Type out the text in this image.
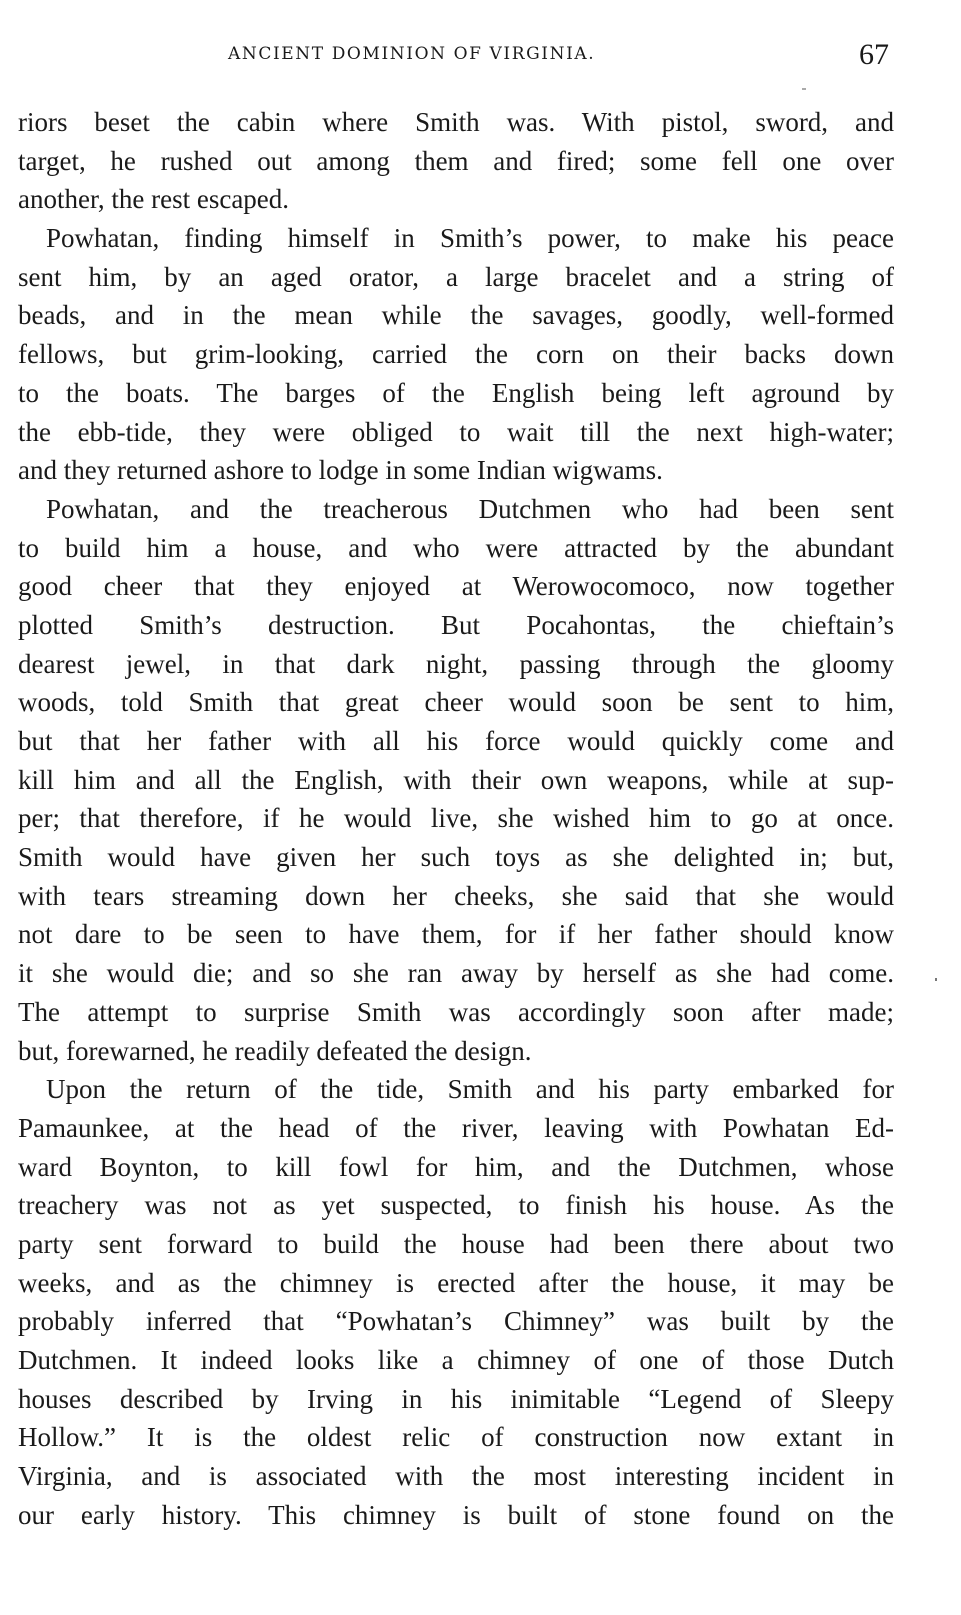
ANCIENT DOMINION OF VIRGINIA.	67
riors beset the cabin where Smith was. With pistol, sword, and
target, he rushed out among them and fired; some fell one over
another, the rest escaped.
Powhatan, finding himself in Smith’s power, to make his peace
sent him, by an aged orator, a large bracelet and a string of
beads, and in the mean while the savages, goodly, well-formed
fellows, but grim-looking, carried the corn on their backs down
to the boats. The barges of the English being left aground by
the ebb-tide, they were obliged to wait till the next high-water;
and they returned ashore to lodge in some Indian wigwams.
Powhatan, and the treacherous Dutchmen who had been sent
to build him a house, and who were attracted by the abundant
good cheer that they enjoyed at Werowocomoco, now together
plotted Smith’s destruction. But Pocahontas, the chieftain’s
dearest jewel, in that dark night, passing through the gloomy
woods, told Smith that great cheer would soon be sent to him,
but that her father with all his force would quickly come and
kill him and all the English, with their own weapons, while at sup-
per; that therefore, if he would live, she wished him to go at once.
Smith would have given her such toys as she delighted in; but,
with tears streaming down her cheeks, she said that she would
not dare to be seen to have them, for if her father should know
it she would die; and so she ran away by herself as she had come.
The attempt to surprise Smith was accordingly soon after made;
but, forewarned, he readily defeated the design.
Upon the return of the tide, Smith and his party embarked for
Pamaunkee, at the head of the river, leaving with Powhatan Ed-
ward Boynton, to kill fowl for him, and the Dutchmen, whose
treachery was not as yet suspected, to finish his house. As the
party sent forward to build the house had been there about two
weeks, and as the chimney is erected after the house, it may be
probably inferred that “Powhatan’s Chimney” was built by the
Dutchmen. It indeed looks like a chimney of one of those Dutch
houses described by Irving in his inimitable “Legend of Sleepy
Hollow.” It is the oldest relic of construction now extant in
Virginia, and is associated with the most interesting incident in
our early history. This chimney is built of stone found on the
